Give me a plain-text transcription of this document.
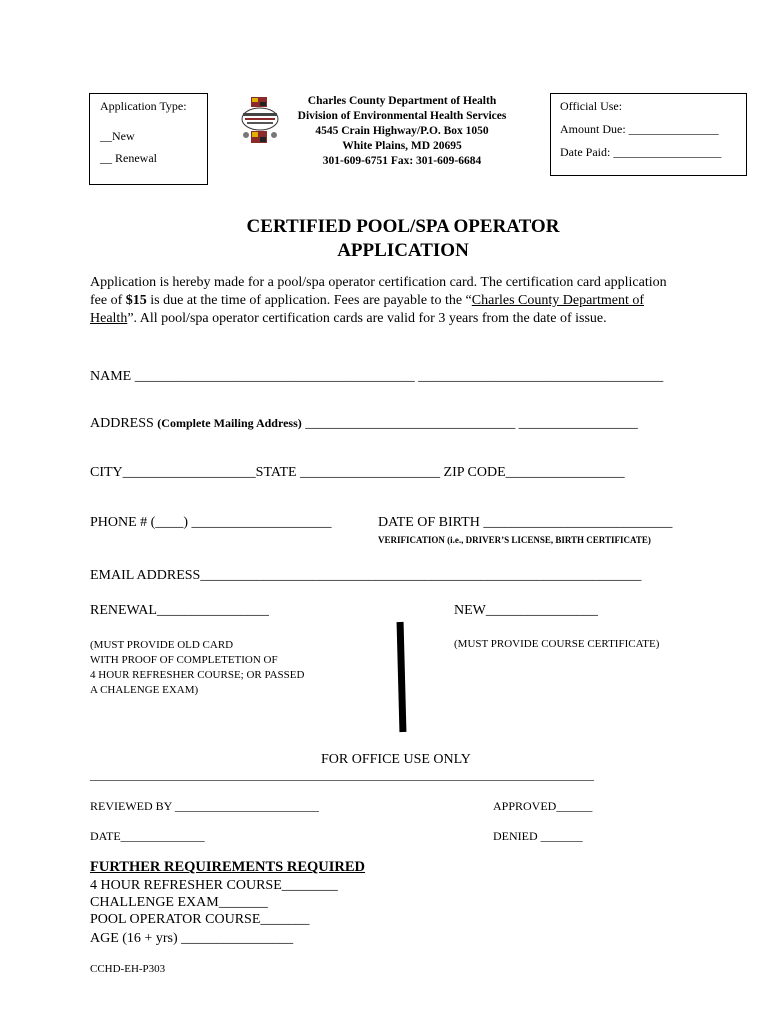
Application Type:
__New
__ Renewal
Charles County Department of Health
Division of Environmental Health Services
4545 Crain Highway/P.O. Box 1050
White Plains, MD 20695
301-609-6751 Fax: 301-609-6684
Official Use:
Amount Due: _______________
Date Paid: __________________
CERTIFIED POOL/SPA OPERATOR
APPLICATION
Application is hereby made for a pool/spa operator certification card. The certification card application
fee of $15 is due at the time of application. Fees are payable to the “Charles County Department of
Health”. All pool/spa operator certification cards are valid for 3 years from the date of issue.
NAME ________________________________________ ___________________________________
ADDRESS (Complete Mailing Address) ______________________________ _________________
CITY___________________STATE ____________________ ZIP CODE_________________
PHONE # (____) ____________________	DATE OF BIRTH ___________________________
VERIFICATION (i.e., DRIVER’S LICENSE, BIRTH CERTIFICATE)
EMAIL ADDRESS_______________________________________________________________
RENEWAL________________	NEW________________
(MUST PROVIDE OLD CARD
WITH PROOF OF COMPLETETION OF
4 HOUR REFRESHER COURSE; OR PASSED
A CHALENGE EXAM)
(MUST PROVIDE COURSE CERTIFICATE)
FOR OFFICE USE ONLY
____________________________________________________________________________________
REVIEWED BY ________________________	APPROVED______
DATE______________	DENIED _______
FURTHER REQUIREMENTS REQUIRED
4 HOUR REFRESHER COURSE________
CHALLENGE EXAM_______
POOL OPERATOR COURSE_______
AGE (16 + yrs) ________________
CCHD-EH-P303
